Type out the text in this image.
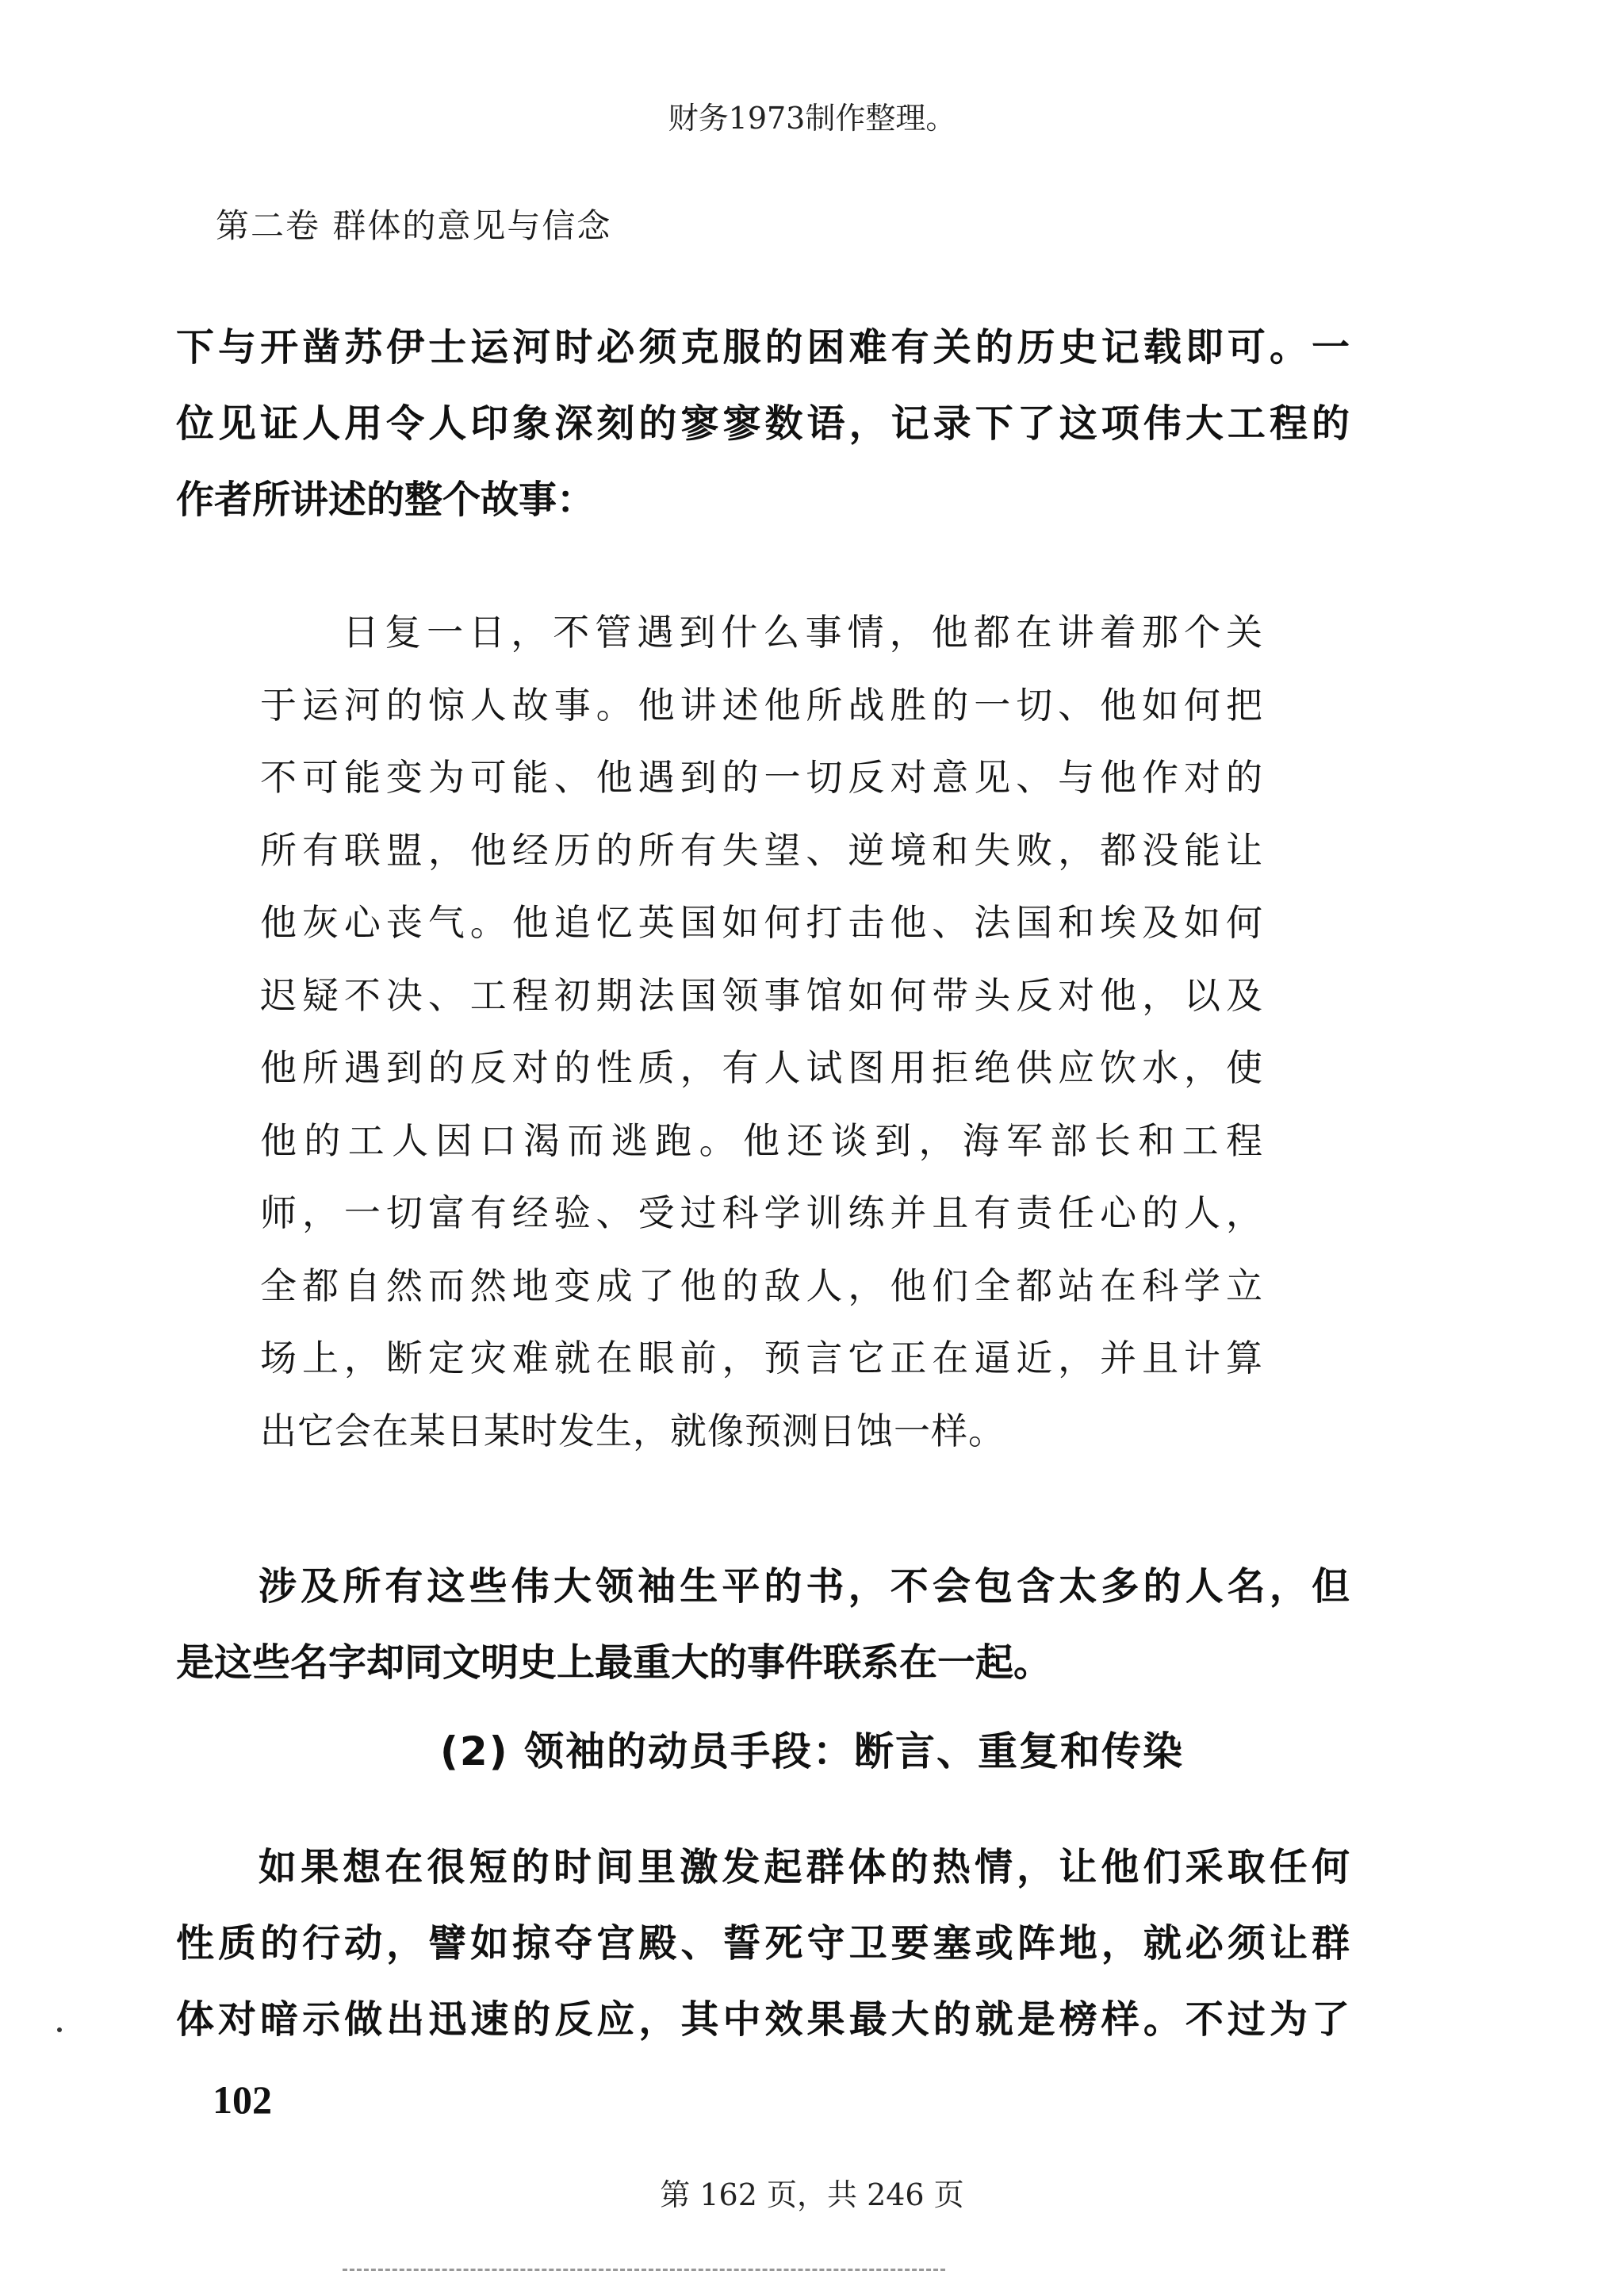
财务1973制作整理。
第二卷 群体的意见与信念
下与开凿苏伊士运河时必须克服的困难有关的历史记载即可。一
位见证人用令人印象深刻的寥寥数语，记录下了这项伟大工程的
作者所讲述的整个故事：
日复一日，不管遇到什么事情，他都在讲着那个关
于运河的惊人故事。他讲述他所战胜的一切、他如何把
不可能变为可能、他遇到的一切反对意见、与他作对的
所有联盟，他经历的所有失望、逆境和失败，都没能让
他灰心丧气。他追忆英国如何打击他、法国和埃及如何
迟疑不决、工程初期法国领事馆如何带头反对他，以及
他所遇到的反对的性质，有人试图用拒绝供应饮水，使
他的工人因口渴而逃跑。他还谈到，海军部长和工程
师，一切富有经验、受过科学训练并且有责任心的人，
全都自然而然地变成了他的敌人，他们全都站在科学立
场上，断定灾难就在眼前，预言它正在逼近，并且计算
出它会在某日某时发生，就像预测日蚀一样。
涉及所有这些伟大领袖生平的书，不会包含太多的人名，但
是这些名字却同文明史上最重大的事件联系在一起。
(2) 领袖的动员手段：断言、重复和传染
如果想在很短的时间里激发起群体的热情，让他们采取任何
性质的行动，譬如掠夺宫殿、誓死守卫要塞或阵地，就必须让群
体对暗示做出迅速的反应，其中效果最大的就是榜样。不过为了
102
第 162 页，共 246 页
